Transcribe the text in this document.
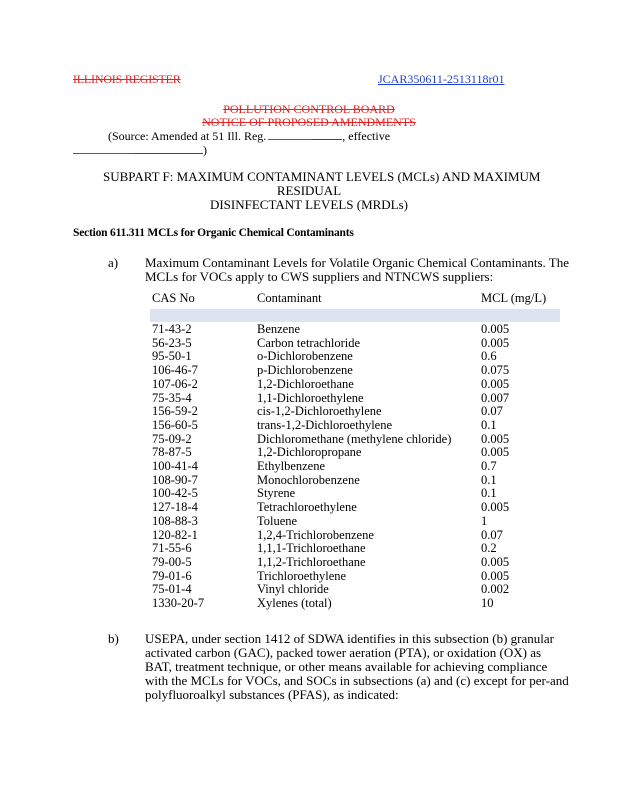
ILLINOIS REGISTER	JCAR350611-2513118r01
POLLUTION CONTROL BOARD
NOTICE OF PROPOSED AMENDMENTS
(Source: Amended at 51 Ill. Reg.	, effective
)
SUBPART F: MAXIMUM CONTAMINANT LEVELS (MCLs) AND MAXIMUM
RESIDUAL
DISINFECTANT LEVELS (MRDLs)
Section 611.311 MCLs for Organic Chemical Contaminants
a) Maximum Contaminant Levels for Volatile Organic Chemical Contaminants. The
MCLs for VOCs apply to CWS suppliers and NTNCWS suppliers:
CAS No	Contaminant	MCL (mg/L)
71-43-2	Benzene	0.005
56-23-5	Carbon tetrachloride	0.005
95-50-1	o-Dichlorobenzene	0.6
106-46-7	p-Dichlorobenzene	0.075
107-06-2	1,2-Dichloroethane	0.005
75-35-4	1,1-Dichloroethylene	0.007
156-59-2	cis-1,2-Dichloroethylene	0.07
156-60-5	trans-1,2-Dichloroethylene	0.1
75-09-2	Dichloromethane (methylene chloride) 0.005
78-87-5	1,2-Dichloropropane	0.005
100-41-4	Ethylbenzene	0.7
108-90-7	Monochlorobenzene	0.1
100-42-5	Styrene	0.1
127-18-4	Tetrachloroethylene	0.005
108-88-3	Toluene	1
120-82-1	1,2,4-Trichlorobenzene	0.07
71-55-6	1,1,1-Trichloroethane	0.2
79-00-5	1,1,2-Trichloroethane	0.005
79-01-6	Trichloroethylene	0.005
75-01-4	Vinyl chloride	0.002
1330-20-7	Xylenes (total)	10
b) USEPA, under section 1412 of SDWA identifies in this subsection (b) granular
activated carbon (GAC), packed tower aeration (PTA), or oxidation (OX) as
BAT, treatment technique, or other means available for achieving compliance
with the MCLs for VOCs, and SOCs in subsections (a) and (c) except for per-and
polyfluoroalkyl substances (PFAS), as indicated:
